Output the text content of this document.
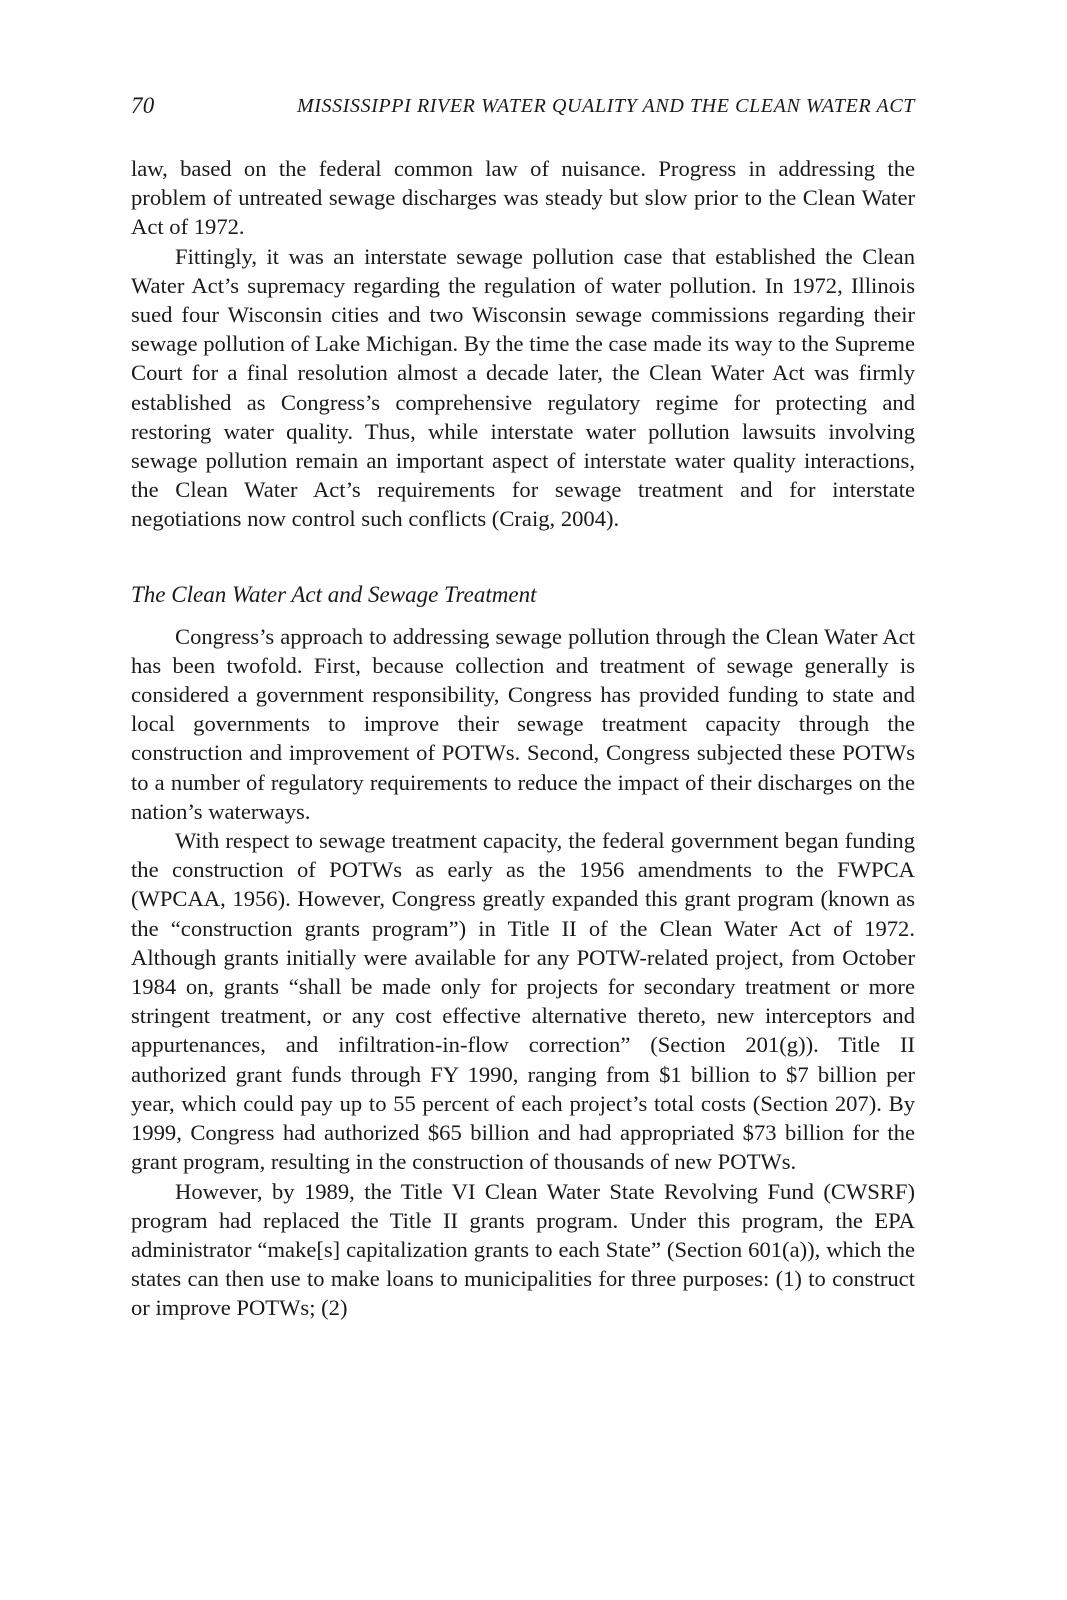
70	MISSISSIPPI RIVER WATER QUALITY AND THE CLEAN WATER ACT

law, based on the federal common law of nuisance. Progress in addressing the problem of untreated sewage discharges was steady but slow prior to the Clean Water Act of 1972.

Fittingly, it was an interstate sewage pollution case that established the Clean Water Act’s supremacy regarding the regulation of water pollution. In 1972, Illinois sued four Wisconsin cities and two Wisconsin sewage commissions regarding their sewage pollution of Lake Michigan. By the time the case made its way to the Supreme Court for a final resolution almost a decade later, the Clean Water Act was firmly established as Congress’s comprehensive regulatory regime for protecting and restoring water quality. Thus, while interstate water pollution lawsuits involving sewage pollution remain an important aspect of interstate water quality interactions, the Clean Water Act’s requirements for sewage treatment and for interstate negotiations now control such conflicts (Craig, 2004).

The Clean Water Act and Sewage Treatment

Congress’s approach to addressing sewage pollution through the Clean Water Act has been twofold. First, because collection and treatment of sewage generally is considered a government responsibility, Congress has provided funding to state and local governments to improve their sewage treatment capacity through the construction and improvement of POTWs. Second, Congress subjected these POTWs to a number of regulatory requirements to reduce the impact of their discharges on the nation’s waterways.

With respect to sewage treatment capacity, the federal government began funding the construction of POTWs as early as the 1956 amendments to the FWPCA (WPCAA, 1956). However, Congress greatly expanded this grant program (known as the “construction grants program”) in Title II of the Clean Water Act of 1972. Although grants initially were available for any POTW-related project, from October 1984 on, grants “shall be made only for projects for secondary treatment or more stringent treatment, or any cost effective alternative thereto, new interceptors and appurtenances, and infiltration-in-flow correction” (Section 201(g)). Title II authorized grant funds through FY 1990, ranging from $1 billion to $7 billion per year, which could pay up to 55 percent of each project’s total costs (Section 207). By 1999, Congress had authorized $65 billion and had appropriated $73 billion for the grant program, resulting in the construction of thousands of new POTWs.

However, by 1989, the Title VI Clean Water State Revolving Fund (CWSRF) program had replaced the Title II grants program. Under this program, the EPA administrator “make[s] capitalization grants to each State” (Section 601(a)), which the states can then use to make loans to municipalities for three purposes: (1) to construct or improve POTWs; (2)
